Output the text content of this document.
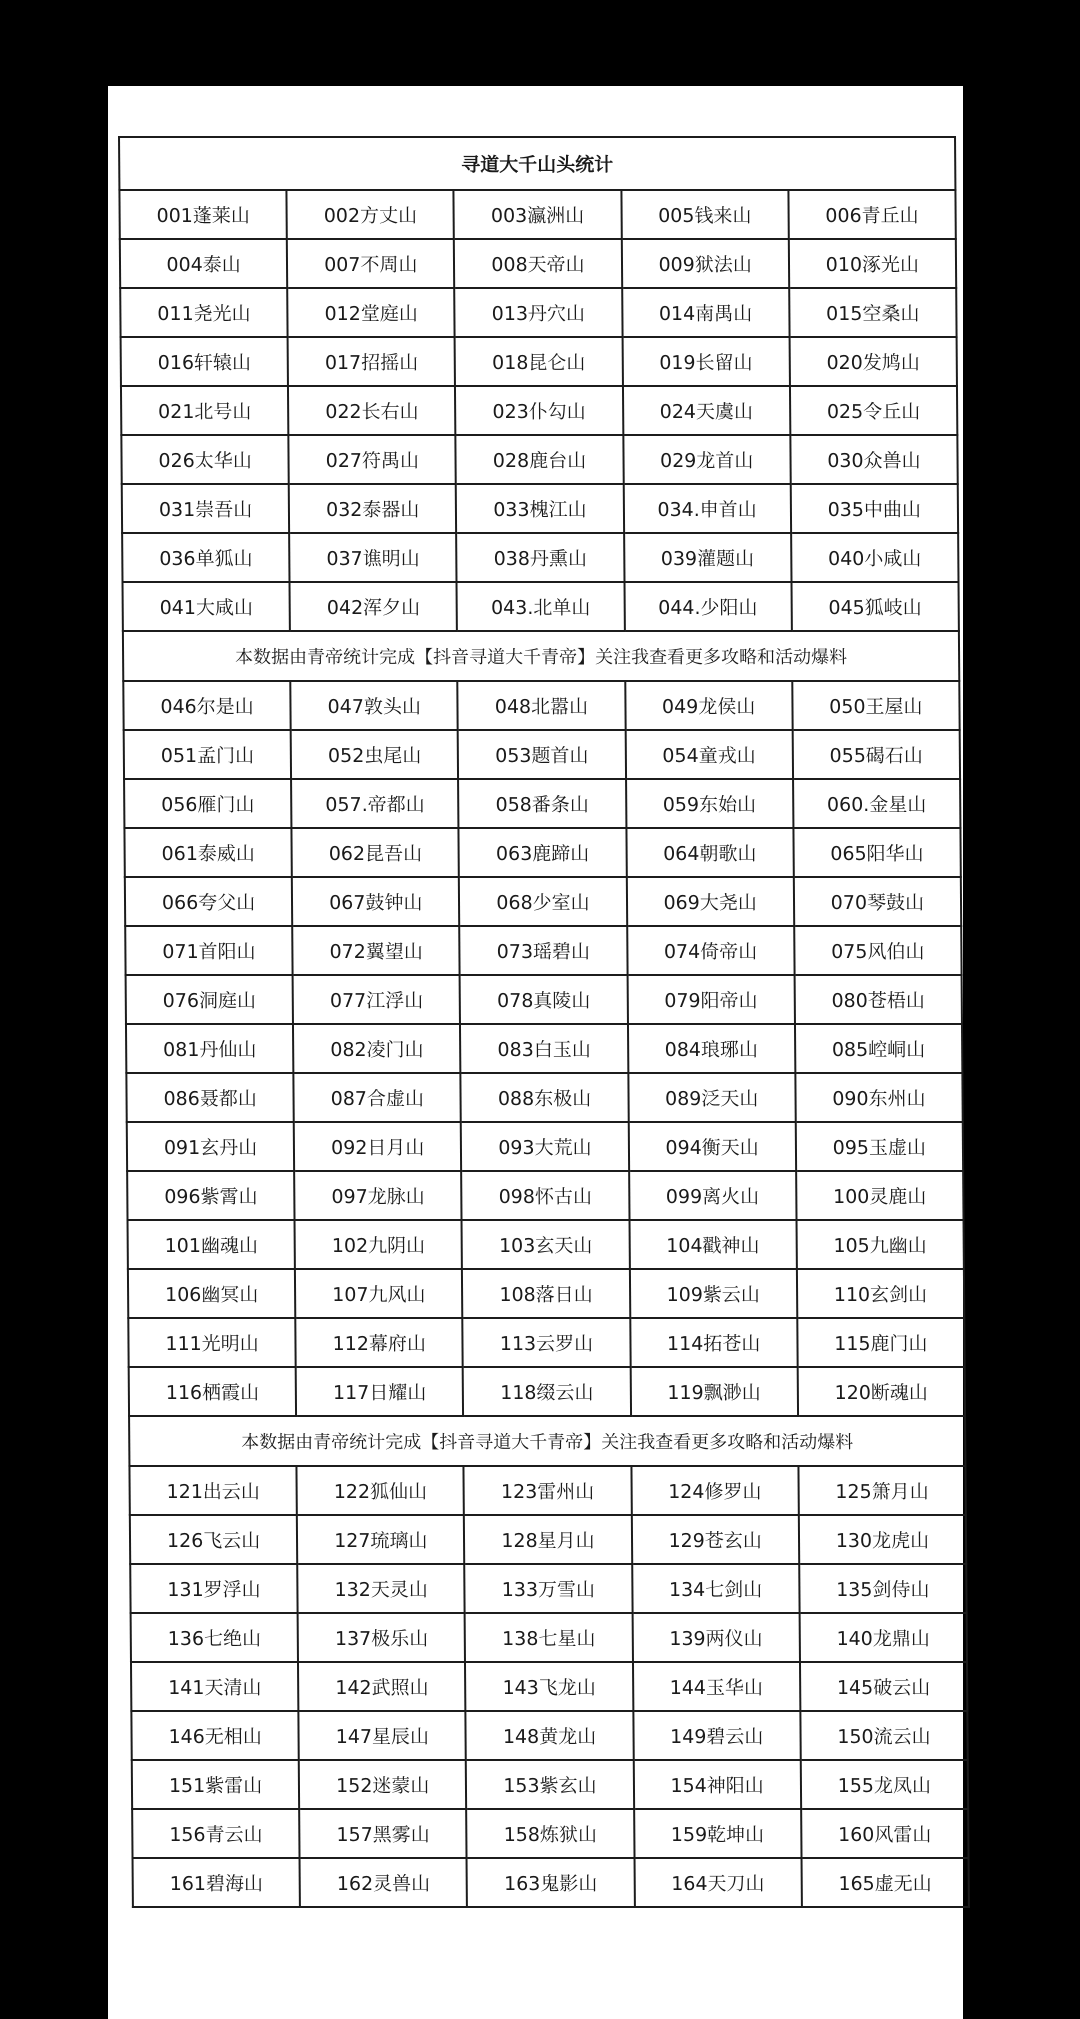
寻道大千山头统计				
001蓬莱山	002方丈山	003瀛洲山	005钱来山	006青丘山
004泰山	007不周山	008天帝山	009狱法山	010涿光山
011尧光山	012堂庭山	013丹穴山	014南禺山	015空桑山
016轩辕山	017招摇山	018昆仑山	019长留山	020发鸠山
021北号山	022长右山	023仆勾山	024天虞山	025令丘山
026太华山	027符禺山	028鹿台山	029龙首山	030众兽山
031崇吾山	032泰器山	033槐江山	034.申首山	035中曲山
036单狐山	037谯明山	038丹熏山	039灌题山	040小咸山
041大咸山	042浑夕山	043.北单山	044.少阳山	045狐岐山
本数据由青帝统计完成【抖音寻道大千青帝】关注我查看更多攻略和活动爆料				
046尔是山	047敦头山	048北嚣山	049龙侯山	050王屋山
051孟门山	052虫尾山	053题首山	054童戎山	055碣石山
056雁门山	057.帝都山	058番条山	059东始山	060.金星山
061泰威山	062昆吾山	063鹿蹄山	064朝歌山	065阳华山
066夸父山	067鼓钟山	068少室山	069大尧山	070琴鼓山
071首阳山	072翼望山	073瑶碧山	074倚帝山	075风伯山
076洞庭山	077江浮山	078真陵山	079阳帝山	080苍梧山
081丹仙山	082凌门山	083白玉山	084琅琊山	085崆峒山
086聂都山	087合虚山	088东极山	089泛天山	090东州山
091玄丹山	092日月山	093大荒山	094衡天山	095玉虚山
096紫霄山	097龙脉山	098怀古山	099离火山	100灵鹿山
101幽魂山	102九阴山	103玄天山	104戳神山	105九幽山
106幽冥山	107九风山	108落日山	109紫云山	110玄剑山
111光明山	112幕府山	113云罗山	114拓苍山	115鹿门山
116栖霞山	117日耀山	118缀云山	119飘渺山	120断魂山
本数据由青帝统计完成【抖音寻道大千青帝】关注我查看更多攻略和活动爆料				
121出云山	122狐仙山	123雷州山	124修罗山	125箫月山
126飞云山	127琉璃山	128星月山	129苍玄山	130龙虎山
131罗浮山	132天灵山	133万雪山	134七剑山	135剑侍山
136七绝山	137极乐山	138七星山	139两仪山	140龙鼎山
141天清山	142武照山	143飞龙山	144玉华山	145破云山
146无相山	147星辰山	148黄龙山	149碧云山	150流云山
151紫雷山	152迷蒙山	153紫玄山	154神阳山	155龙凤山
156青云山	157黑雾山	158炼狱山	159乾坤山	160风雷山
161碧海山	162灵兽山	163鬼影山	164天刀山	165虚无山
